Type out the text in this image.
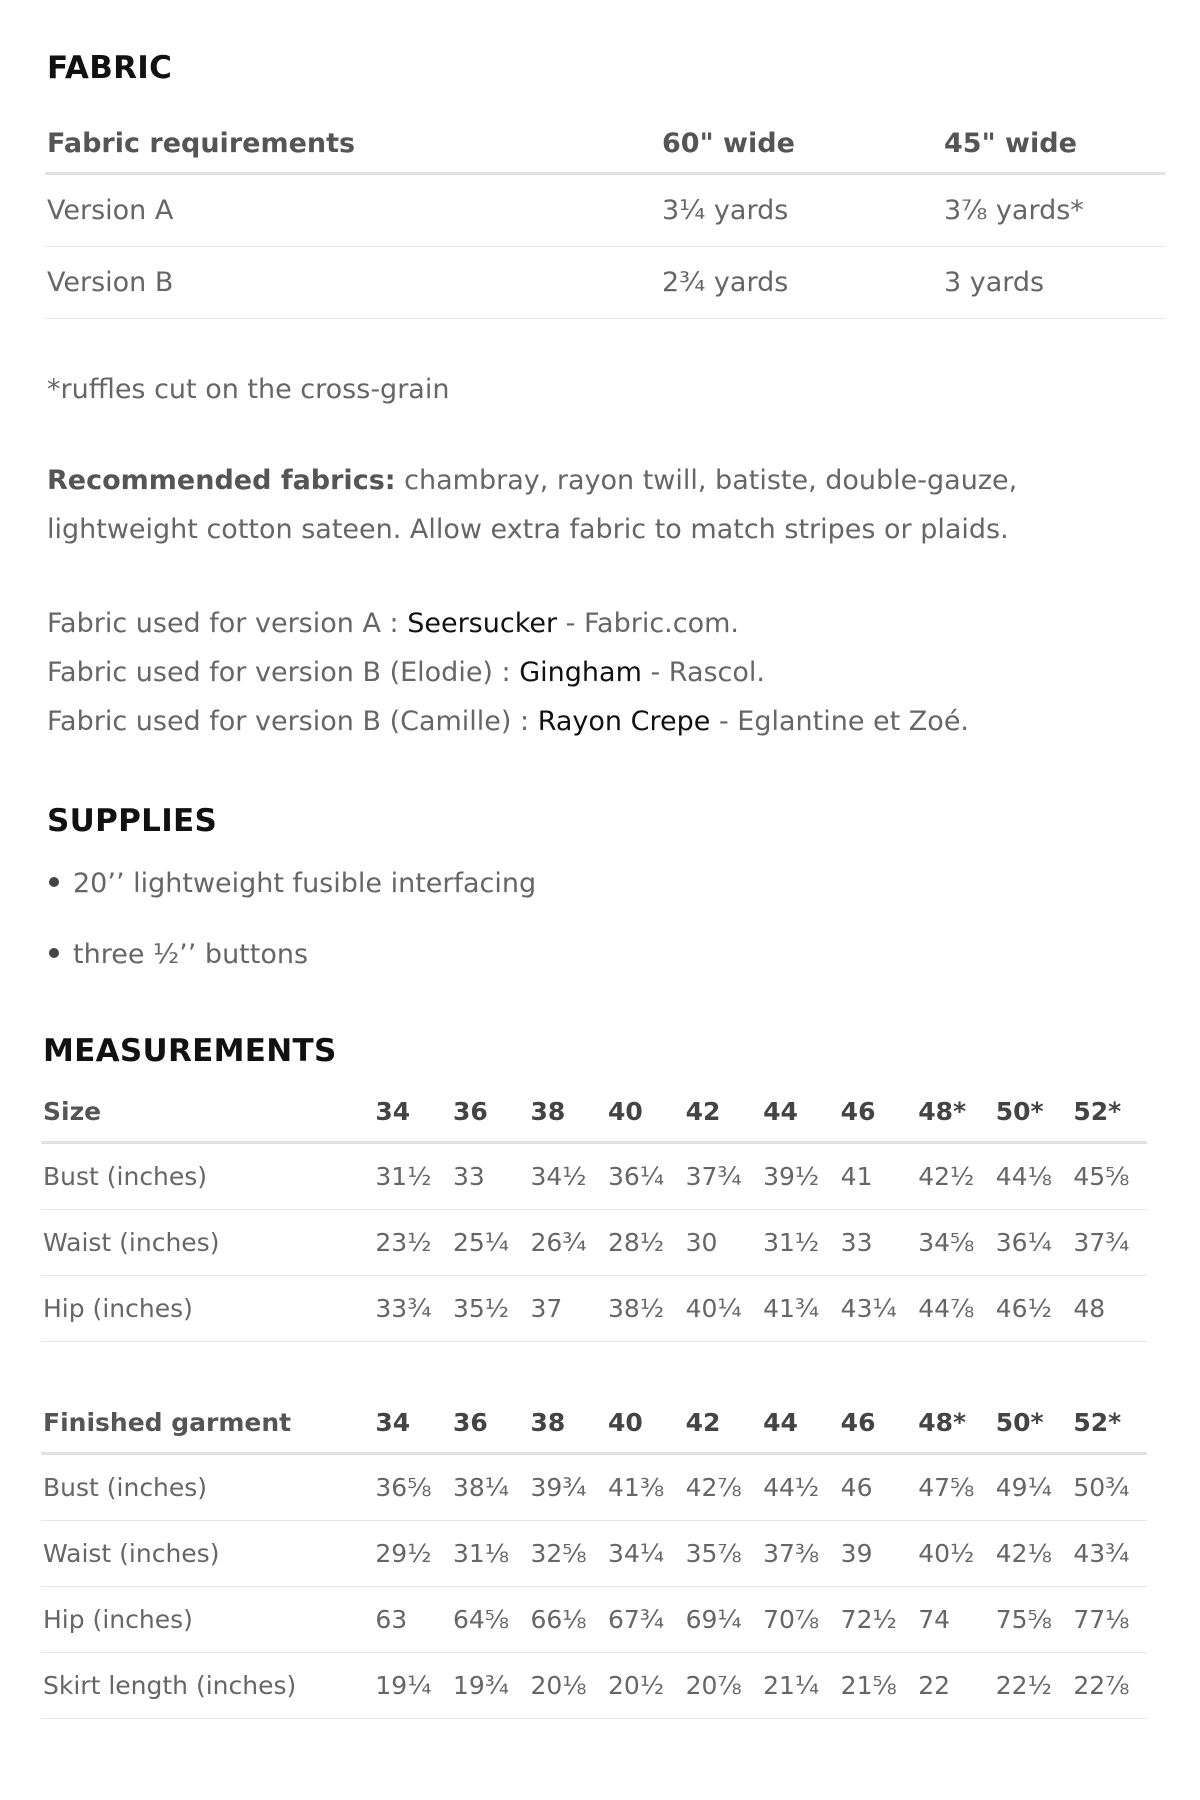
FABRIC
Fabric requirements	60" wide	45" wide
Version A	3¼ yards	3⅞ yards*
Version B	2¾ yards	3 yards

*ruffles cut on the cross-grain

Recommended fabrics: chambray, rayon twill, batiste, double-gauze,
lightweight cotton sateen. Allow extra fabric to match stripes or plaids.

Fabric used for version A : Seersucker - Fabric.com.
Fabric used for version B (Elodie) : Gingham - Rascol.
Fabric used for version B (Camille) : Rayon Crepe - Eglantine et Zoé.
SUPPLIES
20’’ lightweight fusible interfacing
three ½’’ buttons
MEASUREMENTS
Size	34	36	38	40	42	44	46	48*	50*	52*
Bust (inches)	31½	33	34½	36¼	37¾	39½	41	42½	44⅛	45⅝
Waist (inches)	23½	25¼	26¾	28½	30	31½	33	34⅝	36¼	37¾
Hip (inches)	33¾	35½	37	38½	40¼	41¾	43¼	44⅞	46½	48
Finished garment	34	36	38	40	42	44	46	48*	50*	52*
Bust (inches)	36⅝	38¼	39¾	41⅜	42⅞	44½	46	47⅝	49¼	50¾
Waist (inches)	29½	31⅛	32⅝	34¼	35⅞	37⅜	39	40½	42⅛	43¾
Hip (inches)	63	64⅝	66⅛	67¾	69¼	70⅞	72½	74	75⅝	77⅛
Skirt length (inches)	19¼	19¾	20⅛	20½	20⅞	21¼	21⅝	22	22½	22⅞
